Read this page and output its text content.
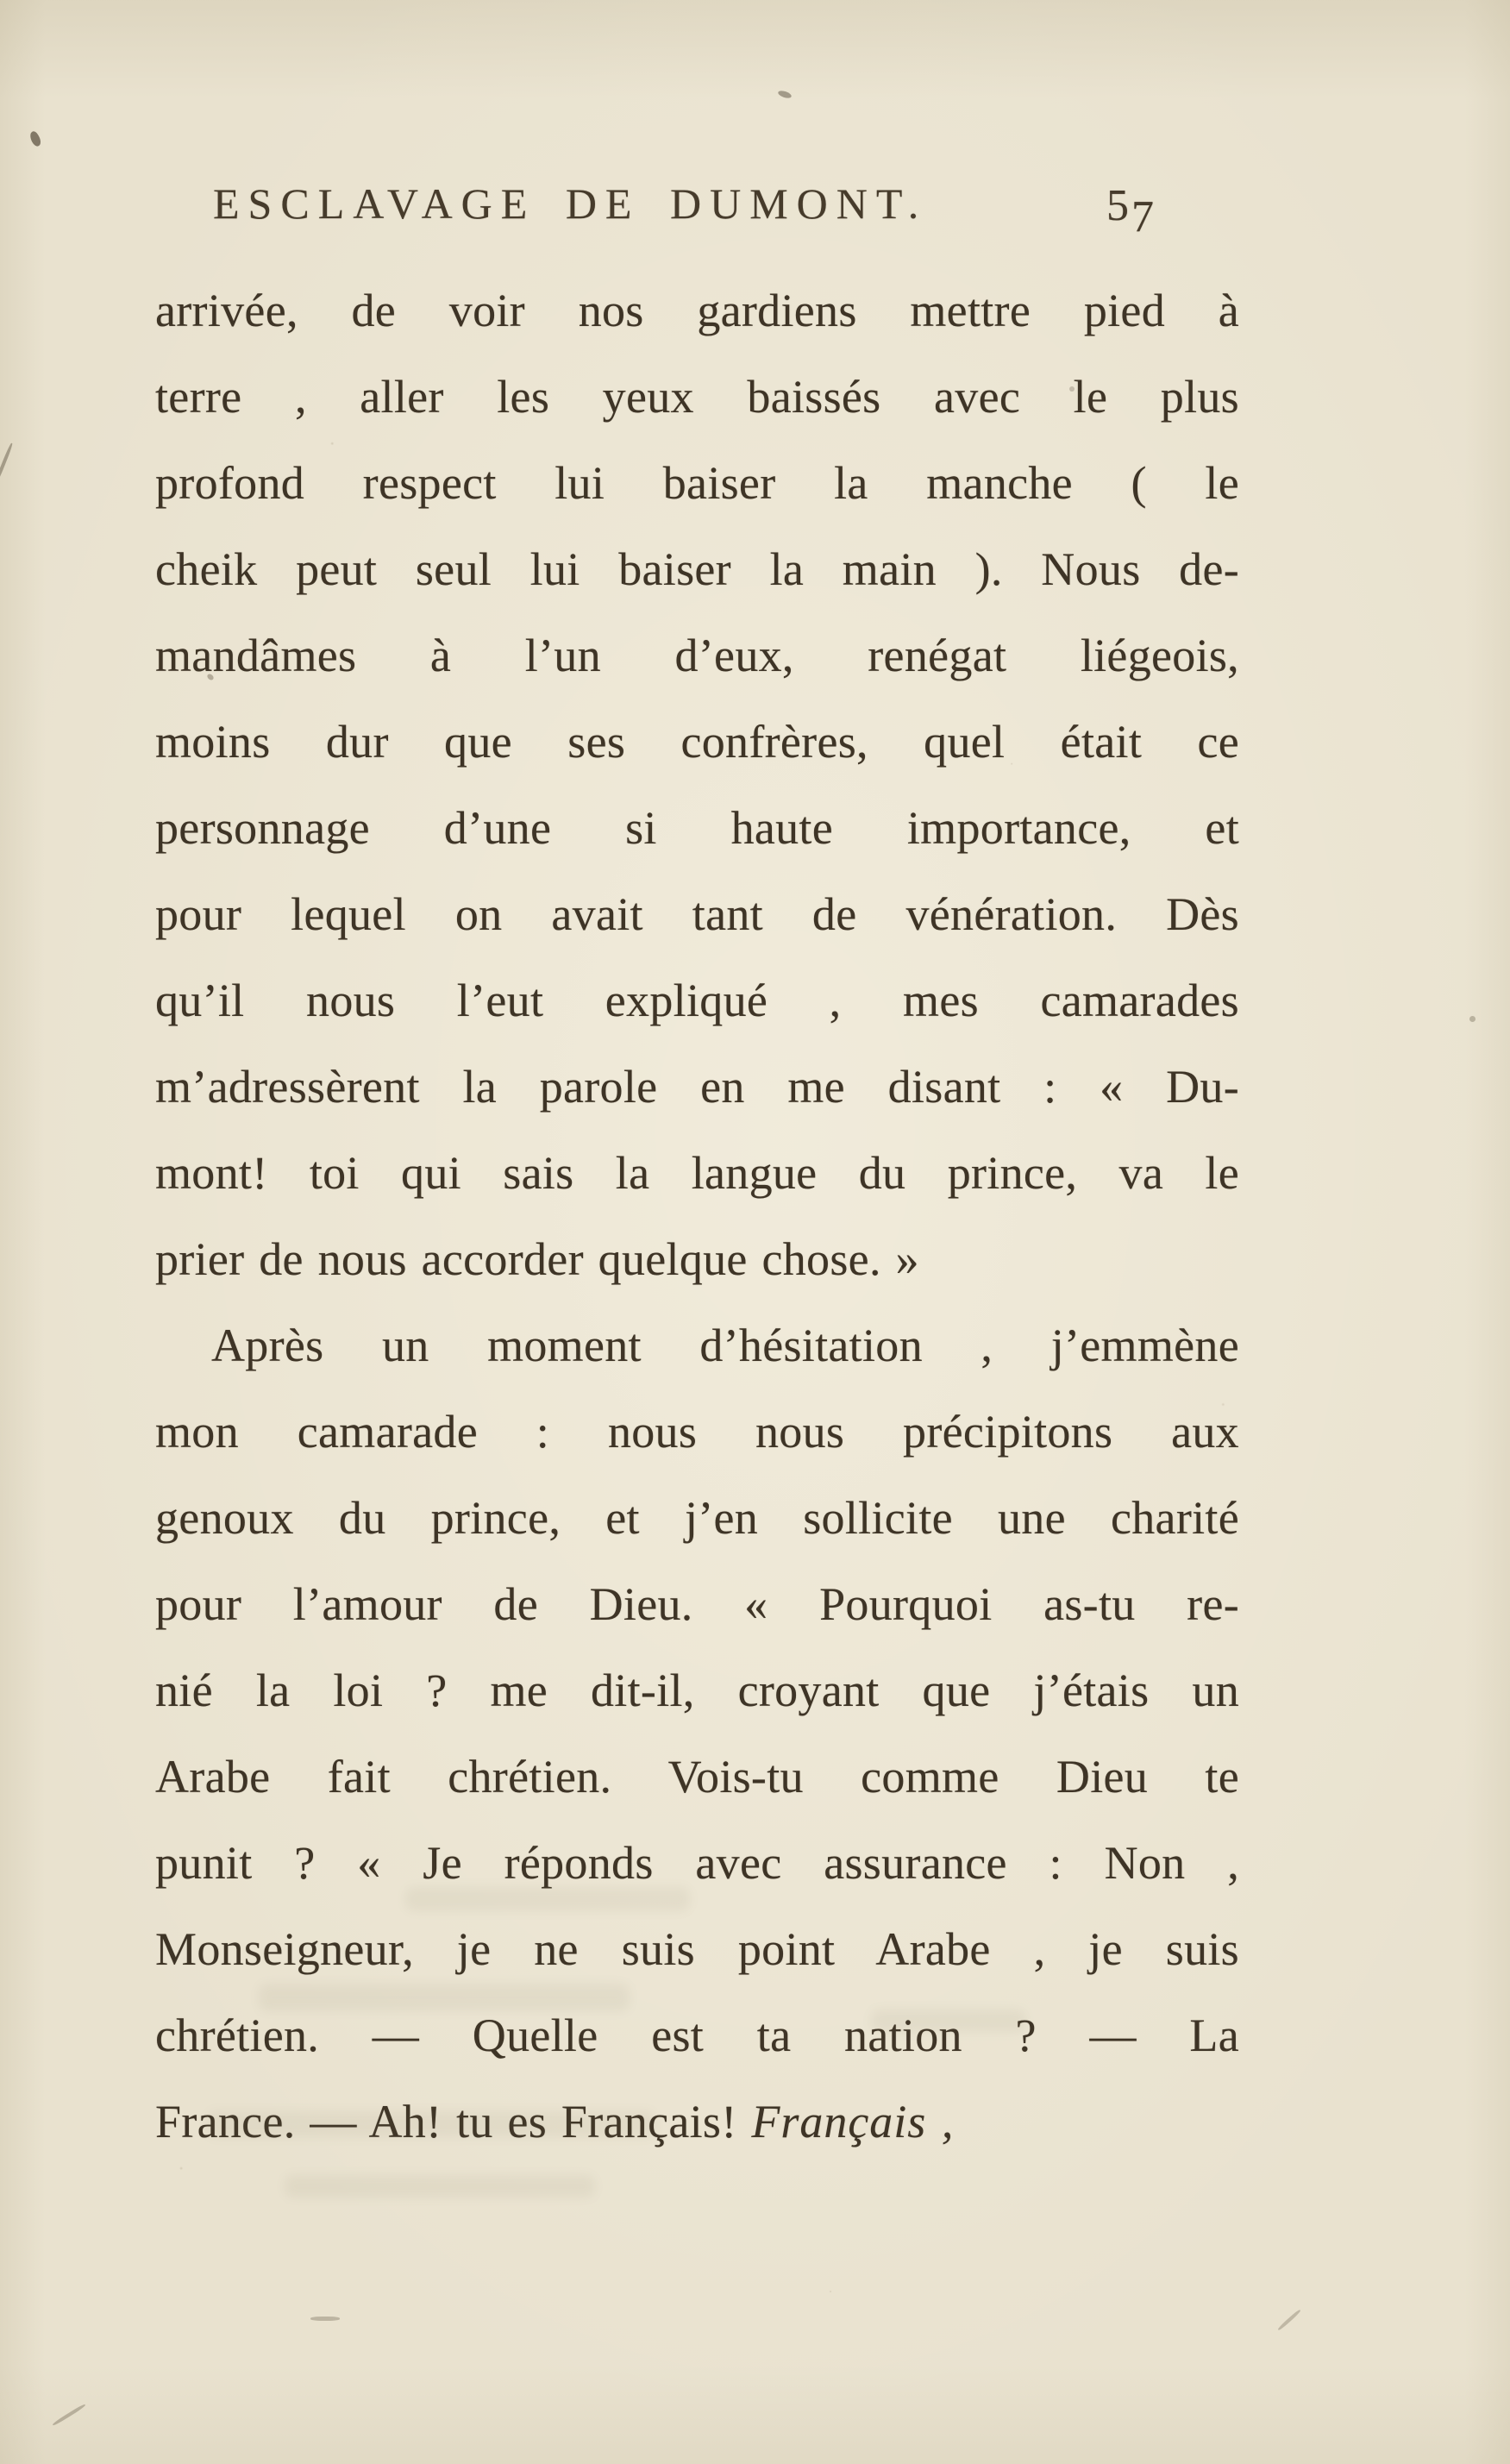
ESCLAVAGE DE DUMONT.	57
arrivée, de voir nos gardiens mettre pied à
terre , aller les yeux baissés avec le plus
profond respect lui baiser la manche ( le
cheik peut seul lui baiser la main ). Nous de-
mandâmes à l’un d’eux, renégat liégeois,
moins dur que ses confrères, quel était ce
personnage d’une si haute importance, et
pour lequel on avait tant de vénération. Dès
qu’il nous l’eut expliqué , mes camarades
m’adressèrent la parole en me disant : « Du-
mont! toi qui sais la langue du prince, va le
prier de nous accorder quelque chose. »
Après un moment d’hésitation , j’emmène
mon camarade : nous nous précipitons aux
genoux du prince, et j’en sollicite une charité
pour l’amour de Dieu. « Pourquoi as-tu re-
nié la loi ? me dit-il, croyant que j’étais un
Arabe fait chrétien. Vois-tu comme Dieu te
punit ? « Je réponds avec assurance : Non ,
Monseigneur, je ne suis point Arabe , je suis
chrétien. — Quelle est ta nation ? — La
France. — Ah! tu es Français! Français ,
